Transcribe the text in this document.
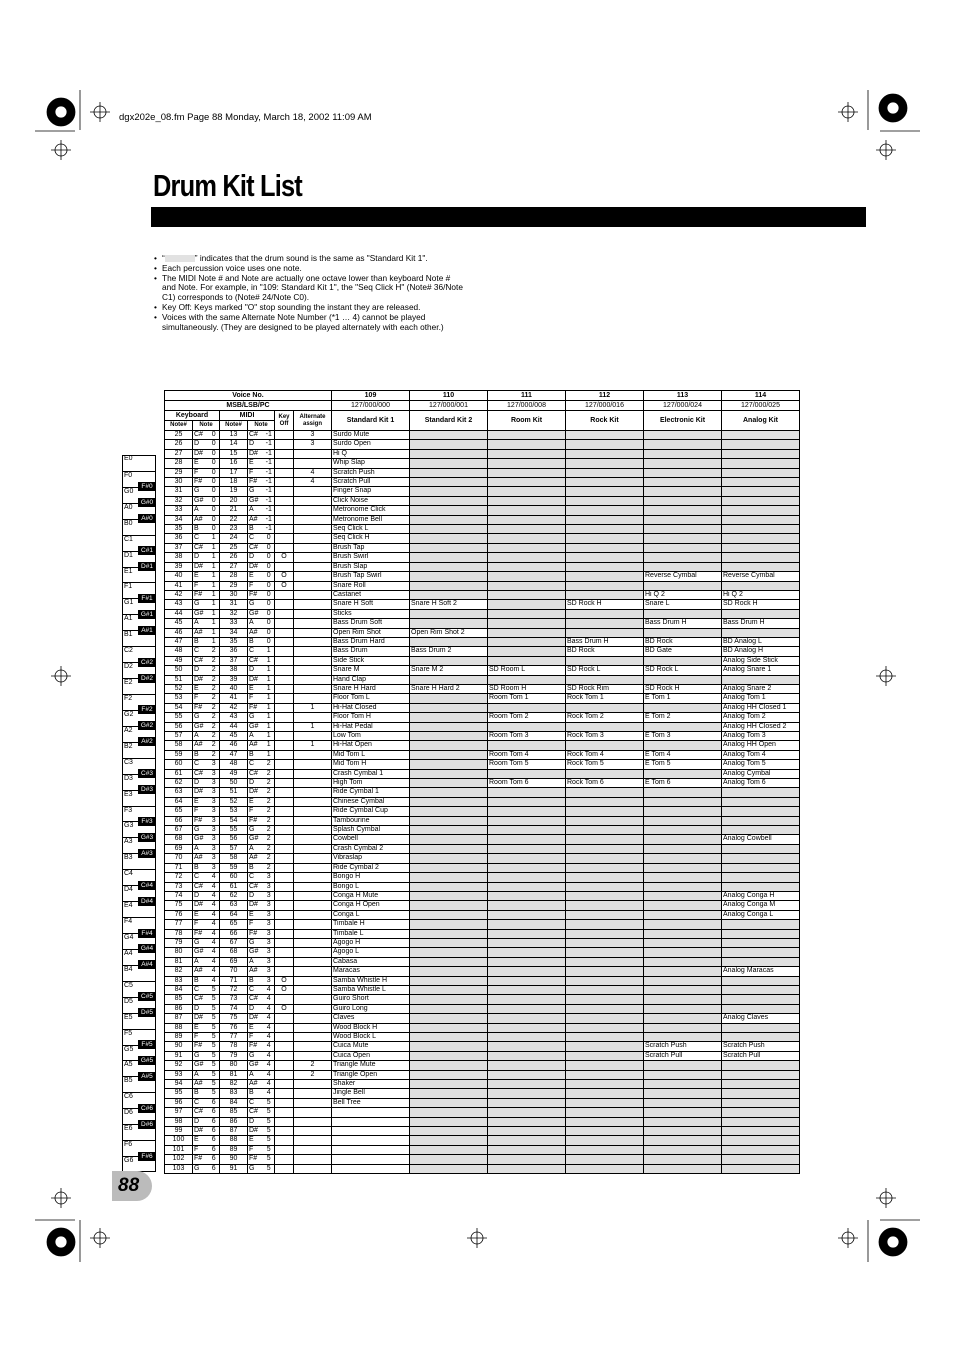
dgx202e_08.fm Page 88 Monday, March 18, 2002 11:09 AM
Drum Kit List
• “	” indicates that the drum sound is the same as "Standard Kit 1".
• Each percussion voice uses one note.
• The MIDI Note # and Note are actually one octave lower than keyboard Note # and Note. For example, in "109: Standard Kit 1", the "Seq Click H" (Note# 36/Note C1) corresponds to (Note# 24/Note C0).
• Key Off: Keys marked "O" stop sounding the instant they are released.
• Voices with the same Alternate Note Number (*1 … 4) cannot be played simultaneously. (They are designed to be played alternately with each other.)
E0
F0
G0
A0
B0
C1
D1
E1
F1
G1
A1
B1
C2
D2
E2
F2
G2
A2
B2
C3
D3
E3
F3
G3
A3
B3
C4
D4
E4
F4
G4
A4
B4
C5
D5
E5
F5
G5
A5
B5
C6
D6
E6
F6
G6
F#0
G#0
A#0
C#1
D#1
F#1
G#1
A#1
C#2
D#2
F#2
G#2
A#2
C#3
D#3
F#3
G#3
A#3
C#4
D#4
F#4
G#4
A#4
C#5
D#5
F#5
G#5
A#5
C#6
D#6
F#6
Voice No.								109	110	111	112	113	114
MSB/LSB/PC								127/000/000	127/000/001	127/000/008	127/000/016	127/000/024	127/000/025
Keyboard			MIDI			Key Off	Alternate assign	Standard Kit 1	Standard Kit 2	Room Kit	Rock Kit	Electronic Kit	Analog Kit
Note#	Note		Note#	Note									
25	C#	0	13	C#	-1		3	Surdo Mute					
26	D	0	14	D	-1		3	Surdo Open					
27	D#	0	15	D#	-1			Hi Q					
28	E	0	16	E	-1			Whip Slap					
29	F	0	17	F	-1		4	Scratch Push					
30	F#	0	18	F#	-1		4	Scratch Pull					
31	G	0	19	G	-1			Finger Snap					
32	G#	0	20	G#	-1			Click Noise					
33	A	0	21	A	-1			Metronome Click					
34	A#	0	22	A#	-1			Metronome Bell					
35	B	0	23	B	-1			Seq Click L					
36	C	1	24	C	0			Seq Click H					
37	C#	1	25	C#	0			Brush Tap					
38	D	1	26	D	0	O		Brush Swirl					
39	D#	1	27	D#	0			Brush Slap					
40	E	1	28	E	0	O		Brush Tap Swirl				Reverse Cymbal	Reverse Cymbal
41	F	1	29	F	0	O		Snare Roll					
42	F#	1	30	F#	0			Castanet				Hi Q 2	Hi Q 2
43	G	1	31	G	0			Snare H Soft	Snare H Soft 2		SD Rock H	Snare L	SD Rock H
44	G#	1	32	G#	0			Sticks					
45	A	1	33	A	0			Bass Drum Soft				Bass Drum H	Bass Drum H
46	A#	1	34	A#	0			Open Rim Shot	Open Rim Shot 2				
47	B	1	35	B	0			Bass Drum Hard			Bass Drum H	BD Rock	BD Analog L
48	C	2	36	C	1			Bass Drum	Bass Drum 2		BD Rock	BD Gate	BD Analog H
49	C#	2	37	C#	1			Side Stick					Analog Side Stick
50	D	2	38	D	1			Snare M	Snare M 2	SD Room L	SD Rock L	SD Rock L	Analog Snare 1
51	D#	2	39	D#	1			Hand Clap					
52	E	2	40	E	1			Snare H Hard	Snare H Hard 2	SD Room H	SD Rock Rim	SD Rock H	Analog Snare 2
53	F	2	41	F	1			Floor Tom L		Room Tom 1	Rock Tom 1	E Tom 1	Analog Tom 1
54	F#	2	42	F#	1		1	Hi-Hat Closed					Analog HH Closed 1
55	G	2	43	G	1			Floor Tom H		Room Tom 2	Rock Tom 2	E Tom 2	Analog Tom 2
56	G#	2	44	G#	1		1	Hi-Hat Pedal					Analog HH Closed 2
57	A	2	45	A	1			Low Tom		Room Tom 3	Rock Tom 3	E Tom 3	Analog Tom 3
58	A#	2	46	A#	1		1	Hi-Hat Open					Analog HH Open
59	B	2	47	B	1			Mid Tom L		Room Tom 4	Rock Tom 4	E Tom 4	Analog Tom 4
60	C	3	48	C	2			Mid Tom H		Room Tom 5	Rock Tom 5	E Tom 5	Analog Tom 5
61	C#	3	49	C#	2			Crash Cymbal 1					Analog Cymbal
62	D	3	50	D	2			High Tom		Room Tom 6	Rock Tom 6	E Tom 6	Analog Tom 6
63	D#	3	51	D#	2			Ride Cymbal 1					
64	E	3	52	E	2			Chinese Cymbal					
65	F	3	53	F	2			Ride Cymbal Cup					
66	F#	3	54	F#	2			Tambourine					
67	G	3	55	G	2			Splash Cymbal					
68	G#	3	56	G#	2			Cowbell					Analog Cowbell
69	A	3	57	A	2			Crash Cymbal 2					
70	A#	3	58	A#	2			Vibraslap					
71	B	3	59	B	2			Ride Cymbal 2					
72	C	4	60	C	3			Bongo H					
73	C#	4	61	C#	3			Bongo L					
74	D	4	62	D	3			Conga H Mute					Analog Conga H
75	D#	4	63	D#	3			Conga H Open					Analog Conga M
76	E	4	64	E	3			Conga L					Analog Conga L
77	F	4	65	F	3			Timbale H					
78	F#	4	66	F#	3			Timbale L					
79	G	4	67	G	3			Agogo H					
80	G#	4	68	G#	3			Agogo L					
81	A	4	69	A	3			Cabasa					
82	A#	4	70	A#	3			Maracas					Analog Maracas
83	B	4	71	B	3	O		Samba Whistle H					
84	C	5	72	C	4	O		Samba Whistle L					
85	C#	5	73	C#	4			Guiro Short					
86	D	5	74	D	4	O		Guiro Long					
87	D#	5	75	D#	4			Claves					Analog Claves
88	E	5	76	E	4			Wood Block H					
89	F	5	77	F	4			Wood Block L					
90	F#	5	78	F#	4			Cuica Mute				Scratch Push	Scratch Push
91	G	5	79	G	4			Cuica Open				Scratch Pull	Scratch Pull
92	G#	5	80	G#	4		2	Triangle Mute					
93	A	5	81	A	4		2	Triangle Open					
94	A#	5	82	A#	4			Shaker					
95	B	5	83	B	4			Jingle Bell					
96	C	6	84	C	5			Bell Tree					
97	C#	6	85	C#	5								
98	D	6	86	D	5								
99	D#	6	87	D#	5								
100	E	6	88	E	5								
101	F	6	89	F	5								
102	F#	6	90	F#	5								
103	G	6	91	G	5								
88
